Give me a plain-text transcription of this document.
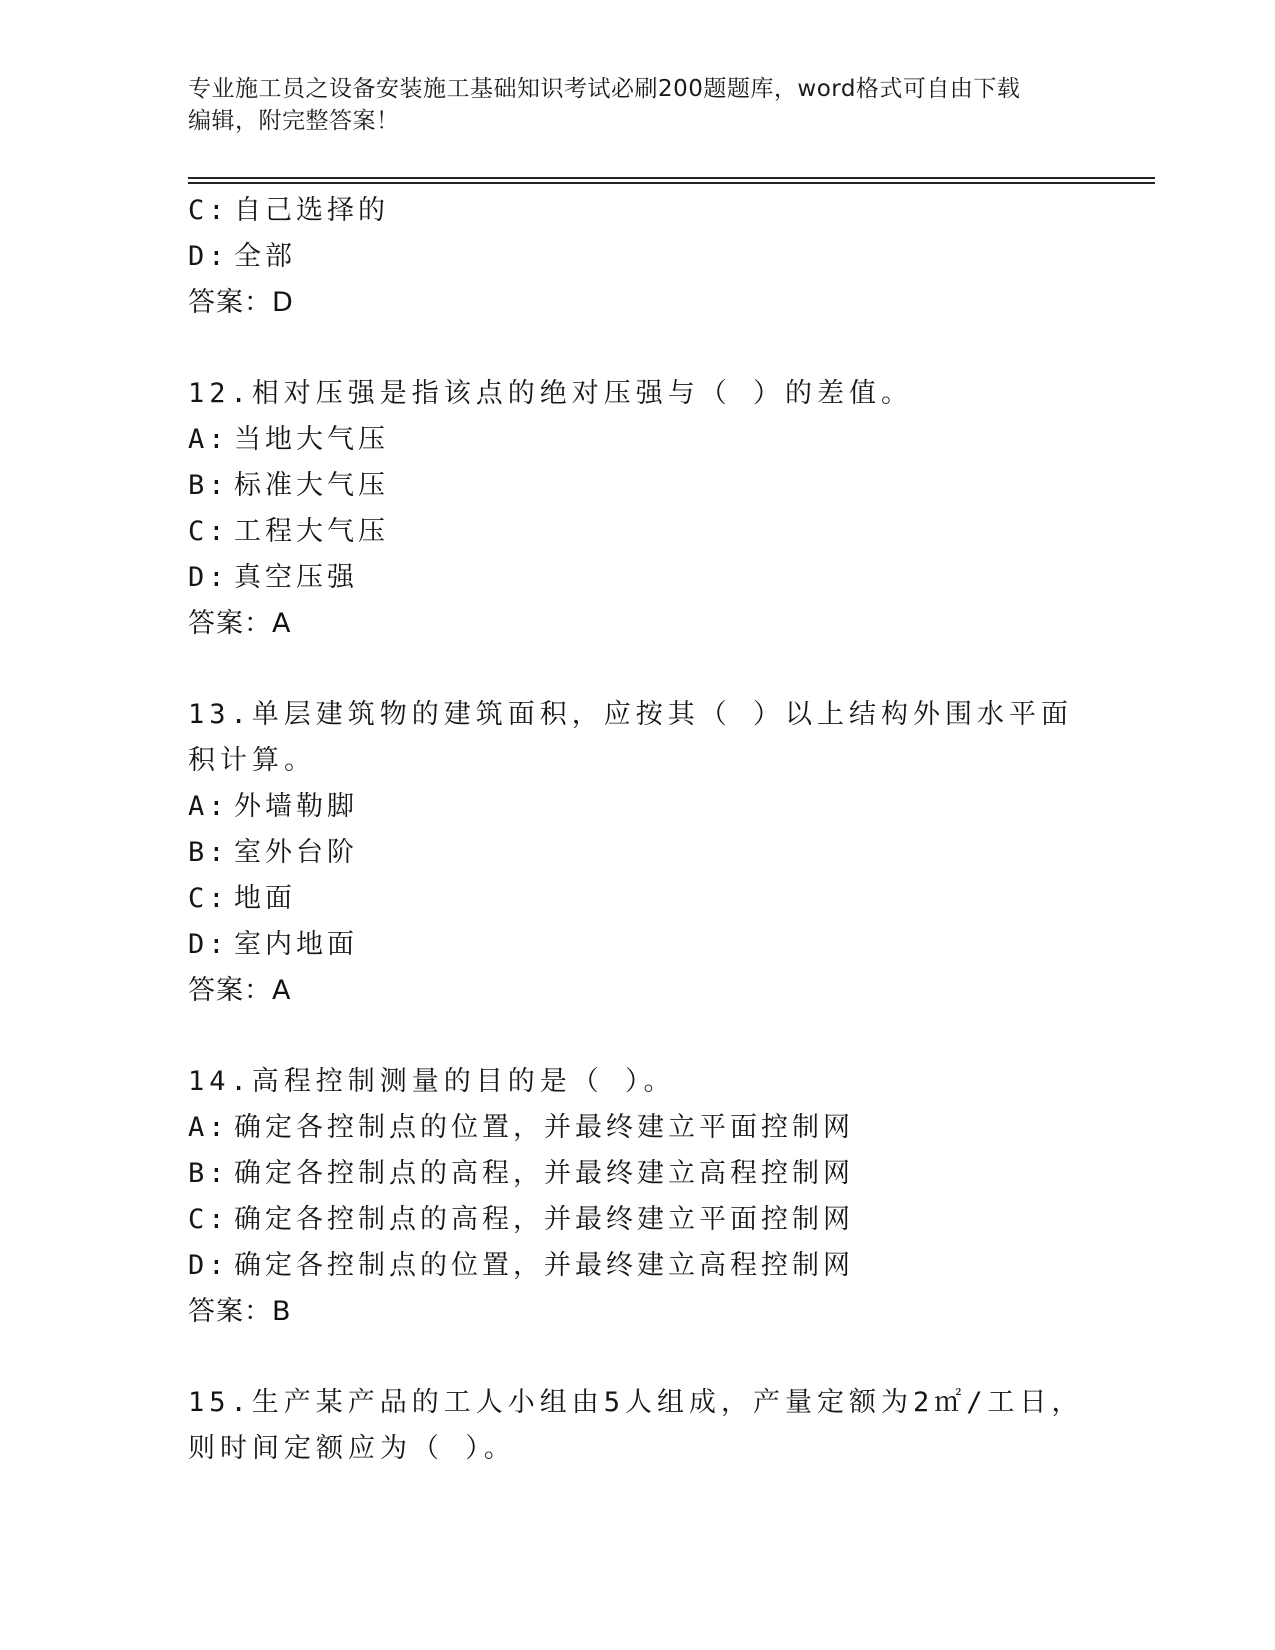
专业施工员之设备安装施工基础知识考试必刷200题题库，word格式可自由下载
编辑，附完整答案！
C: 自己选择的
D: 全部
答案：D
12.相对压强是指该点的绝对压强与（ ）的差值。
A: 当地大气压
B: 标准大气压
C: 工程大气压
D: 真空压强
答案：A
13.单层建筑物的建筑面积，应按其（ ）以上结构外围水平面积计算。
A: 外墙勒脚
B: 室外台阶
C: 地面
D: 室内地面
答案：A
14.高程控制测量的目的是（ ）。
A: 确定各控制点的位置，并最终建立平面控制网
B: 确定各控制点的高程，并最终建立高程控制网
C: 确定各控制点的高程，并最终建立平面控制网
D: 确定各控制点的位置，并最终建立高程控制网
答案：B
15.生产某产品的工人小组由5人组成，产量定额为2㎡/工日，则时间定额应为（ ）。
